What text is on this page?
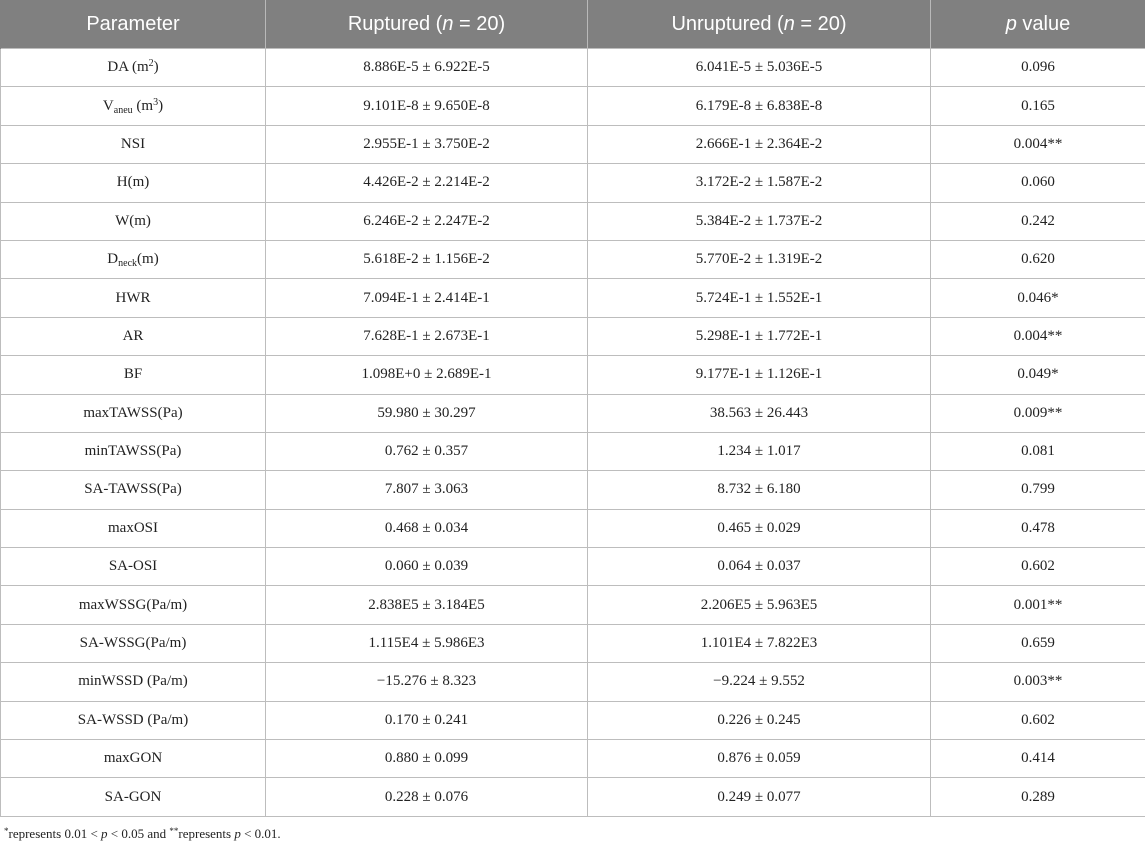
Parameter	Ruptured (n = 20)	Unruptured (n = 20)	p value
DA $(m^2)$	8.886E-5 ± 6.922E-5	6.041E-5 ± 5.036E-5	0.096
$V_{aneu}$ $(m^3)$	9.101E-8 ± 9.650E-8	6.179E-8 ± 6.838E-8	0.165
NSI	2.955E-1 ± 3.750E-2	2.666E-1 ± 2.364E-2	0.004**
H(m)	4.426E-2 ± 2.214E-2	3.172E-2 ± 1.587E-2	0.060
W(m)	6.246E-2 ± 2.247E-2	5.384E-2 ± 1.737E-2	0.242
$D_{neck}(m)$	5.618E-2 ± 1.156E-2	5.770E-2 ± 1.319E-2	0.620
HWR	7.094E-1 ± 2.414E-1	5.724E-1 ± 1.552E-1	0.046*
AR	7.628E-1 ± 2.673E-1	5.298E-1 ± 1.772E-1	0.004**
BF	1.098E+0 ± 2.689E-1	9.177E-1 ± 1.126E-1	0.049*
maxTAWSS(Pa)	59.980 ± 30.297	38.563 ± 26.443	0.009**
minTAWSS(Pa)	0.762 ± 0.357	1.234 ± 1.017	0.081
SA-TAWSS(Pa)	7.807 ± 3.063	8.732 ± 6.180	0.799
maxOSI	0.468 ± 0.034	0.465 ± 0.029	0.478
SA-OSI	0.060 ± 0.039	0.064 ± 0.037	0.602
maxWSSG(Pa/m)	2.838E5 ± 3.184E5	2.206E5 ± 5.963E5	0.001**
SA-WSSG(Pa/m)	1.115E4 ± 5.986E3	1.101E4 ± 7.822E3	0.659
minWSSD (Pa/m)	−15.276 ± 8.323	−9.224 ± 9.552	0.003**
SA-WSSD (Pa/m)	0.170 ± 0.241	0.226 ± 0.245	0.602
maxGON	0.880 ± 0.099	0.876 ± 0.059	0.414
SA-GON	0.228 ± 0.076	0.249 ± 0.077	0.289
*represents 0.01 < p < 0.05 and **represents p < 0.01.
